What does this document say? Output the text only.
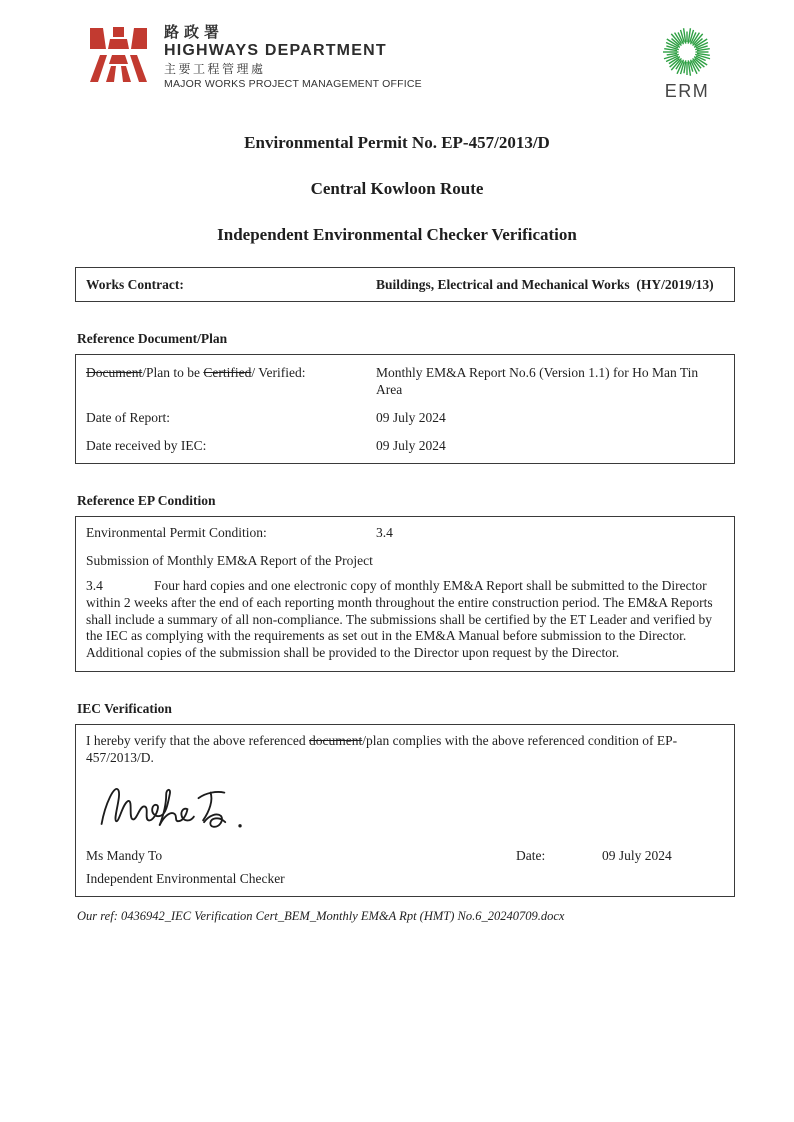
路政署
HIGHWAYS DEPARTMENT
主要工程管理處
MAJOR WORKS PROJECT MANAGEMENT OFFICE	ERM
Environmental Permit No. EP-457/2013/D
Central Kowloon Route
Independent Environmental Checker Verification
Works Contract:	Buildings, Electrical and Mechanical Works  (HY/2019/13)
Reference Document/Plan
Document/Plan to be Certified/ Verified:	Monthly EM&A Report No.6 (Version 1.1) for Ho Man Tin Area
Date of Report:	09 July 2024
Date received by IEC:	09 July 2024
Reference EP Condition
Environmental Permit Condition:	3.4
Submission of Monthly EM&A Report of the Project
3.4	Four hard copies and one electronic copy of monthly EM&A Report shall be submitted to the Director within 2 weeks after the end of each reporting month throughout the entire construction period. The EM&A Reports shall include a summary of all non-compliance. The submissions shall be certified by the ET Leader and verified by the IEC as complying with the requirements as set out in the EM&A Manual before submission to the Director. Additional copies of the submission shall be provided to the Director upon request by the Director.
IEC Verification
I hereby verify that the above referenced document/plan complies with the above referenced condition of EP-457/2013/D.
Ms Mandy To	Date:	09 July 2024
Independent Environmental Checker
Our ref: 0436942_IEC Verification Cert_BEM_Monthly EM&A Rpt (HMT) No.6_20240709.docx
